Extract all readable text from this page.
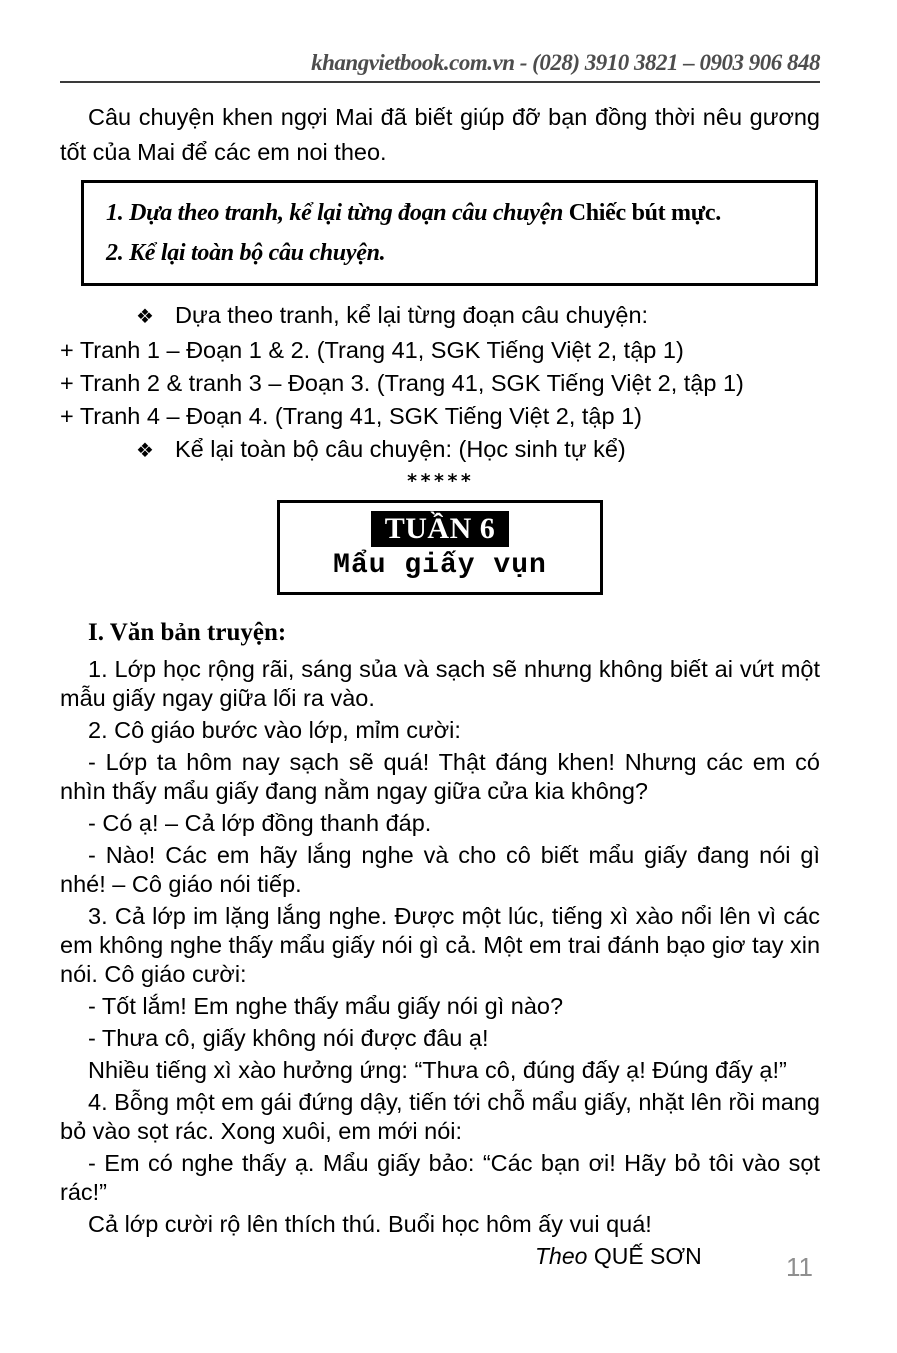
khangvietbook.com.vn - (028) 3910 3821 – 0903 906 848

Câu chuyện khen ngợi Mai đã biết giúp đỡ bạn đồng thời nêu gương tốt của Mai để các em noi theo.

1. Dựa theo tranh, kể lại từng đoạn câu chuyện Chiếc bút mực.
2. Kể lại toàn bộ câu chuyện.
❖ Dựa theo tranh, kể lại từng đoạn câu chuyện:
+ Tranh 1 – Đoạn 1 & 2. (Trang 41, SGK Tiếng Việt 2, tập 1)
+ Tranh 2 & tranh 3 – Đoạn 3. (Trang 41, SGK Tiếng Việt 2, tập 1)
+ Tranh 4 – Đoạn 4. (Trang 41, SGK Tiếng Việt 2, tập 1)
❖ Kể lại toàn bộ câu chuyện: (Học sinh tự kể)
*****
TUẦN 6
Mẩu giấy vụn
I. Văn bản truyện:

1. Lớp học rộng rãi, sáng sủa và sạch sẽ nhưng không biết ai vứt một mẫu giấy ngay giữa lối ra vào.

2. Cô giáo bước vào lớp, mỉm cười:

- Lớp ta hôm nay sạch sẽ quá! Thật đáng khen! Nhưng các em có nhìn thấy mẩu giấy đang nằm ngay giữa cửa kia không?

- Có ạ! – Cả lớp đồng thanh đáp.

- Nào! Các em hãy lắng nghe và cho cô biết mẩu giấy đang nói gì nhé! – Cô giáo nói tiếp.

3. Cả lớp im lặng lắng nghe. Được một lúc, tiếng xì xào nổi lên vì các em không nghe thấy mẩu giấy nói gì cả. Một em trai đánh bạo giơ tay xin nói. Cô giáo cười:

- Tốt lắm! Em nghe thấy mẩu giấy nói gì nào?

- Thưa cô, giấy không nói được đâu ạ!

Nhiều tiếng xì xào hưởng ứng: “Thưa cô, đúng đấy ạ! Đúng đấy ạ!”

4. Bỗng một em gái đứng dậy, tiến tới chỗ mẩu giấy, nhặt lên rồi mang bỏ vào sọt rác. Xong xuôi, em mới nói:

- Em có nghe thấy ạ. Mẩu giấy bảo: “Các bạn ơi! Hãy bỏ tôi vào sọt rác!”

Cả lớp cười rộ lên thích thú. Buổi học hôm ấy vui quá!

Theo QUẾ SƠN	11
